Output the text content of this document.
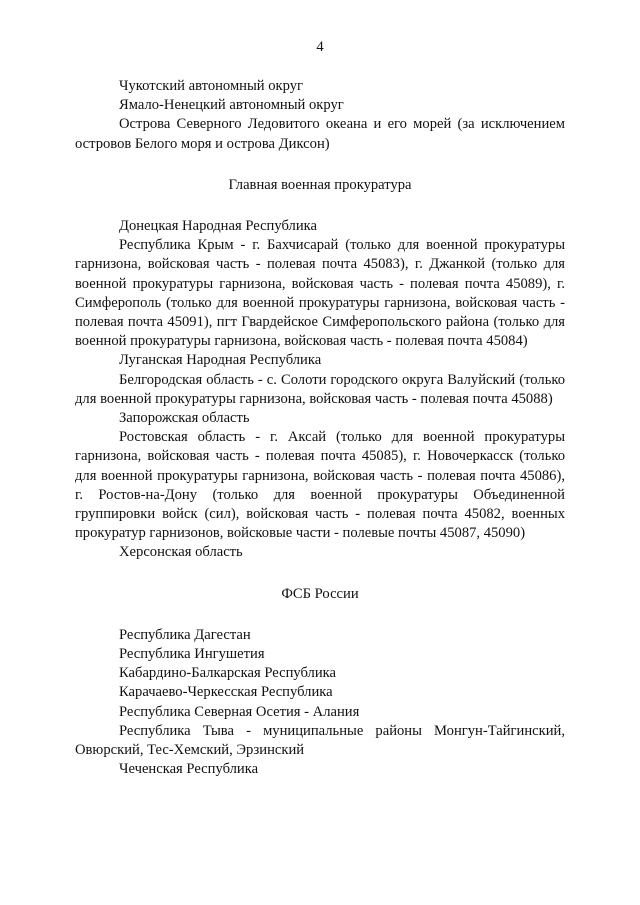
4

Чукотский автономный округ

Ямало-Ненецкий автономный округ

Острова Северного Ледовитого океана и его морей (за исключением островов Белого моря и острова Диксон)

Главная военная прокуратура

Донецкая Народная Республика

Республика Крым - г. Бахчисарай (только для военной прокуратуры гарнизона, войсковая часть - полевая почта 45083), г. Джанкой (только для военной прокуратуры гарнизона, войсковая часть - полевая почта 45089), г. Симферополь (только для военной прокуратуры гарнизона, войсковая часть - полевая почта 45091), пгт Гвардейское Симферопольского района (только для военной прокуратуры гарнизона, войсковая часть - полевая почта 45084)

Луганская Народная Республика

Белгородская область - с. Солоти городского округа Валуйский (только для военной прокуратуры гарнизона, войсковая часть - полевая почта 45088)

Запорожская область

Ростовская область - г. Аксай (только для военной прокуратуры гарнизона, войсковая часть - полевая почта 45085), г. Новочеркасск (только для военной прокуратуры гарнизона, войсковая часть - полевая почта 45086), г. Ростов-на-Дону (только для военной прокуратуры Объединенной группировки войск (сил), войсковая часть - полевая почта 45082, военных прокуратур гарнизонов, войсковые части - полевые почты 45087, 45090)

Херсонская область

ФСБ России

Республика Дагестан

Республика Ингушетия

Кабардино-Балкарская Республика

Карачаево-Черкесская Республика

Республика Северная Осетия - Алания

Республика Тыва - муниципальные районы Монгун-Тайгинский, Овюрский, Тес-Хемский, Эрзинский

Чеченская Республика
